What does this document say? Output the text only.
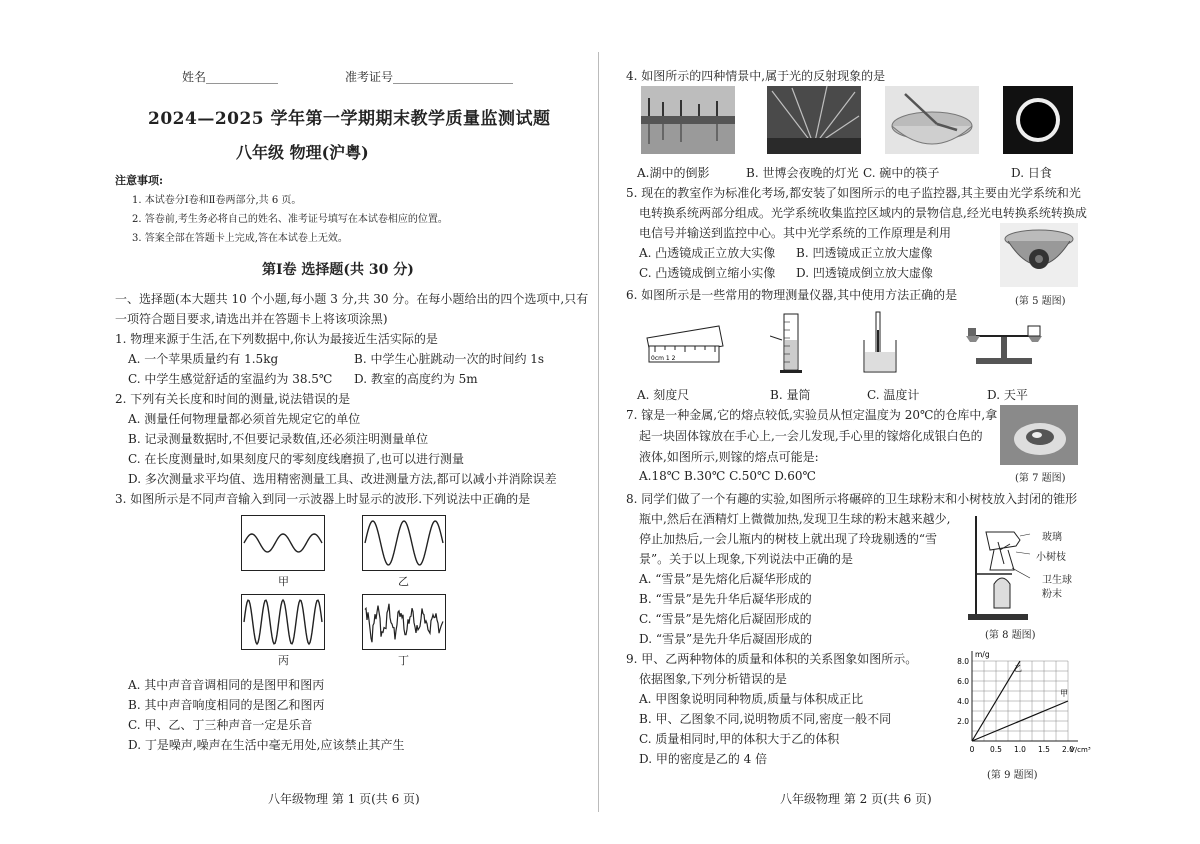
姓名____________	准考证号____________________
2024—2025 学年第一学期期末教学质量监测试题
八年级 物理(沪粤)
注意事项:
1. 本试卷分Ⅰ卷和Ⅱ卷两部分,共 6 页。
2. 答卷前,考生务必将自己的姓名、准考证号填写在本试卷相应的位置。
3. 答案全部在答题卡上完成,答在本试卷上无效。
第Ⅰ卷 选择题(共 30 分)
一、选择题(本大题共 10 个小题,每小题 3 分,共 30 分。在每小题给出的四个选项中,只有
一项符合题目要求,请选出并在答题卡上将该项涂黑)
1. 物理来源于生活,在下列数据中,你认为最接近生活实际的是
A. 一个苹果质量约有 1.5kg	B. 中学生心脏跳动一次的时间约 1s
C. 中学生感觉舒适的室温约为 38.5℃ D. 教室的高度约为 5m
2. 下列有关长度和时间的测量,说法错误的是
A. 测量任何物理量都必须首先规定它的单位
B. 记录测量数据时,不但要记录数值,还必须注明测量单位
C. 在长度测量时,如果刻度尺的零刻度线磨损了,也可以进行测量
D. 多次测量求平均值、选用精密测量工具、改进测量方法,都可以减小并消除误差
3. 如图所示是不同声音输入到同一示波器上时显示的波形.下列说法中正确的是
甲	乙
丙	丁
A. 其中声音音调相同的是图甲和图丙
B. 其中声音响度相同的是图乙和图丙
C. 甲、乙、丁三种声音一定是乐音
D. 丁是噪声,噪声在生活中毫无用处,应该禁止其产生
八年级物理 第 1 页(共 6 页)
4. 如图所示的四种情景中,属于光的反射现象的是
A.湖中的倒影	B. 世博会夜晚的灯光 C. 碗中的筷子	D. 日食
5. 现在的教室作为标准化考场,都安装了如图所示的电子监控器,其主要由光学系统和光
电转换系统两部分组成。光学系统收集监控区域内的景物信息,经光电转换系统转换成
电信号并输送到监控中心。其中光学系统的工作原理是利用
A. 凸透镜成正立放大实像 B. 凹透镜成正立放大虚像
C. 凸透镜成倒立缩小实像 D. 凹透镜成倒立放大虚像
(第 5 题图)
6. 如图所示是一些常用的物理测量仪器,其中使用方法正确的是
0cm 1 2
A. 刻度尺	B. 量筒	C. 温度计	D. 天平
7. 镓是一种金属,它的熔点较低,实验员从恒定温度为 20℃的仓库中,拿
起一块固体镓放在手心上,一会儿发现,手心里的镓熔化成银白色的
液体,如图所示,则镓的熔点可能是:
A.18℃ B.30℃ C.50℃ D.60℃	(第 7 题图)
8. 同学们做了一个有趣的实验,如图所示将碾碎的卫生球粉末和小树枝放入封闭的锥形
瓶中,然后在酒精灯上微微加热,发现卫生球的粉末越来越少,
停止加热后,一会儿瓶内的树枝上就出现了玲珑剔透的“雪
景”。关于以上现象,下列说法中正确的是
A. “雪景”是先熔化后凝华形成的
B. “雪景”是先升华后凝华形成的
C. “雪景”是先熔化后凝固形成的
D. “雪景”是先升华后凝固形成的
玻璃
小树枝
卫生球
粉末
(第 8 题图)
9. 甲、乙两种物体的质量和体积的关系图象如图所示。
依据图象,下列分析错误的是
A. 甲图象说明同种物质,质量与体积成正比
B. 甲、乙图象不同,说明物质不同,密度一般不同
C. 质量相同时,甲的体积大于乙的体积
D. 甲的密度是乙的 4 倍
0 0.5 1.0 1.5 2.0
2.0
4.0
6.0
8.0
m/g
V/cm³
乙
甲
(第 9 题图)
八年级物理 第 2 页(共 6 页)
